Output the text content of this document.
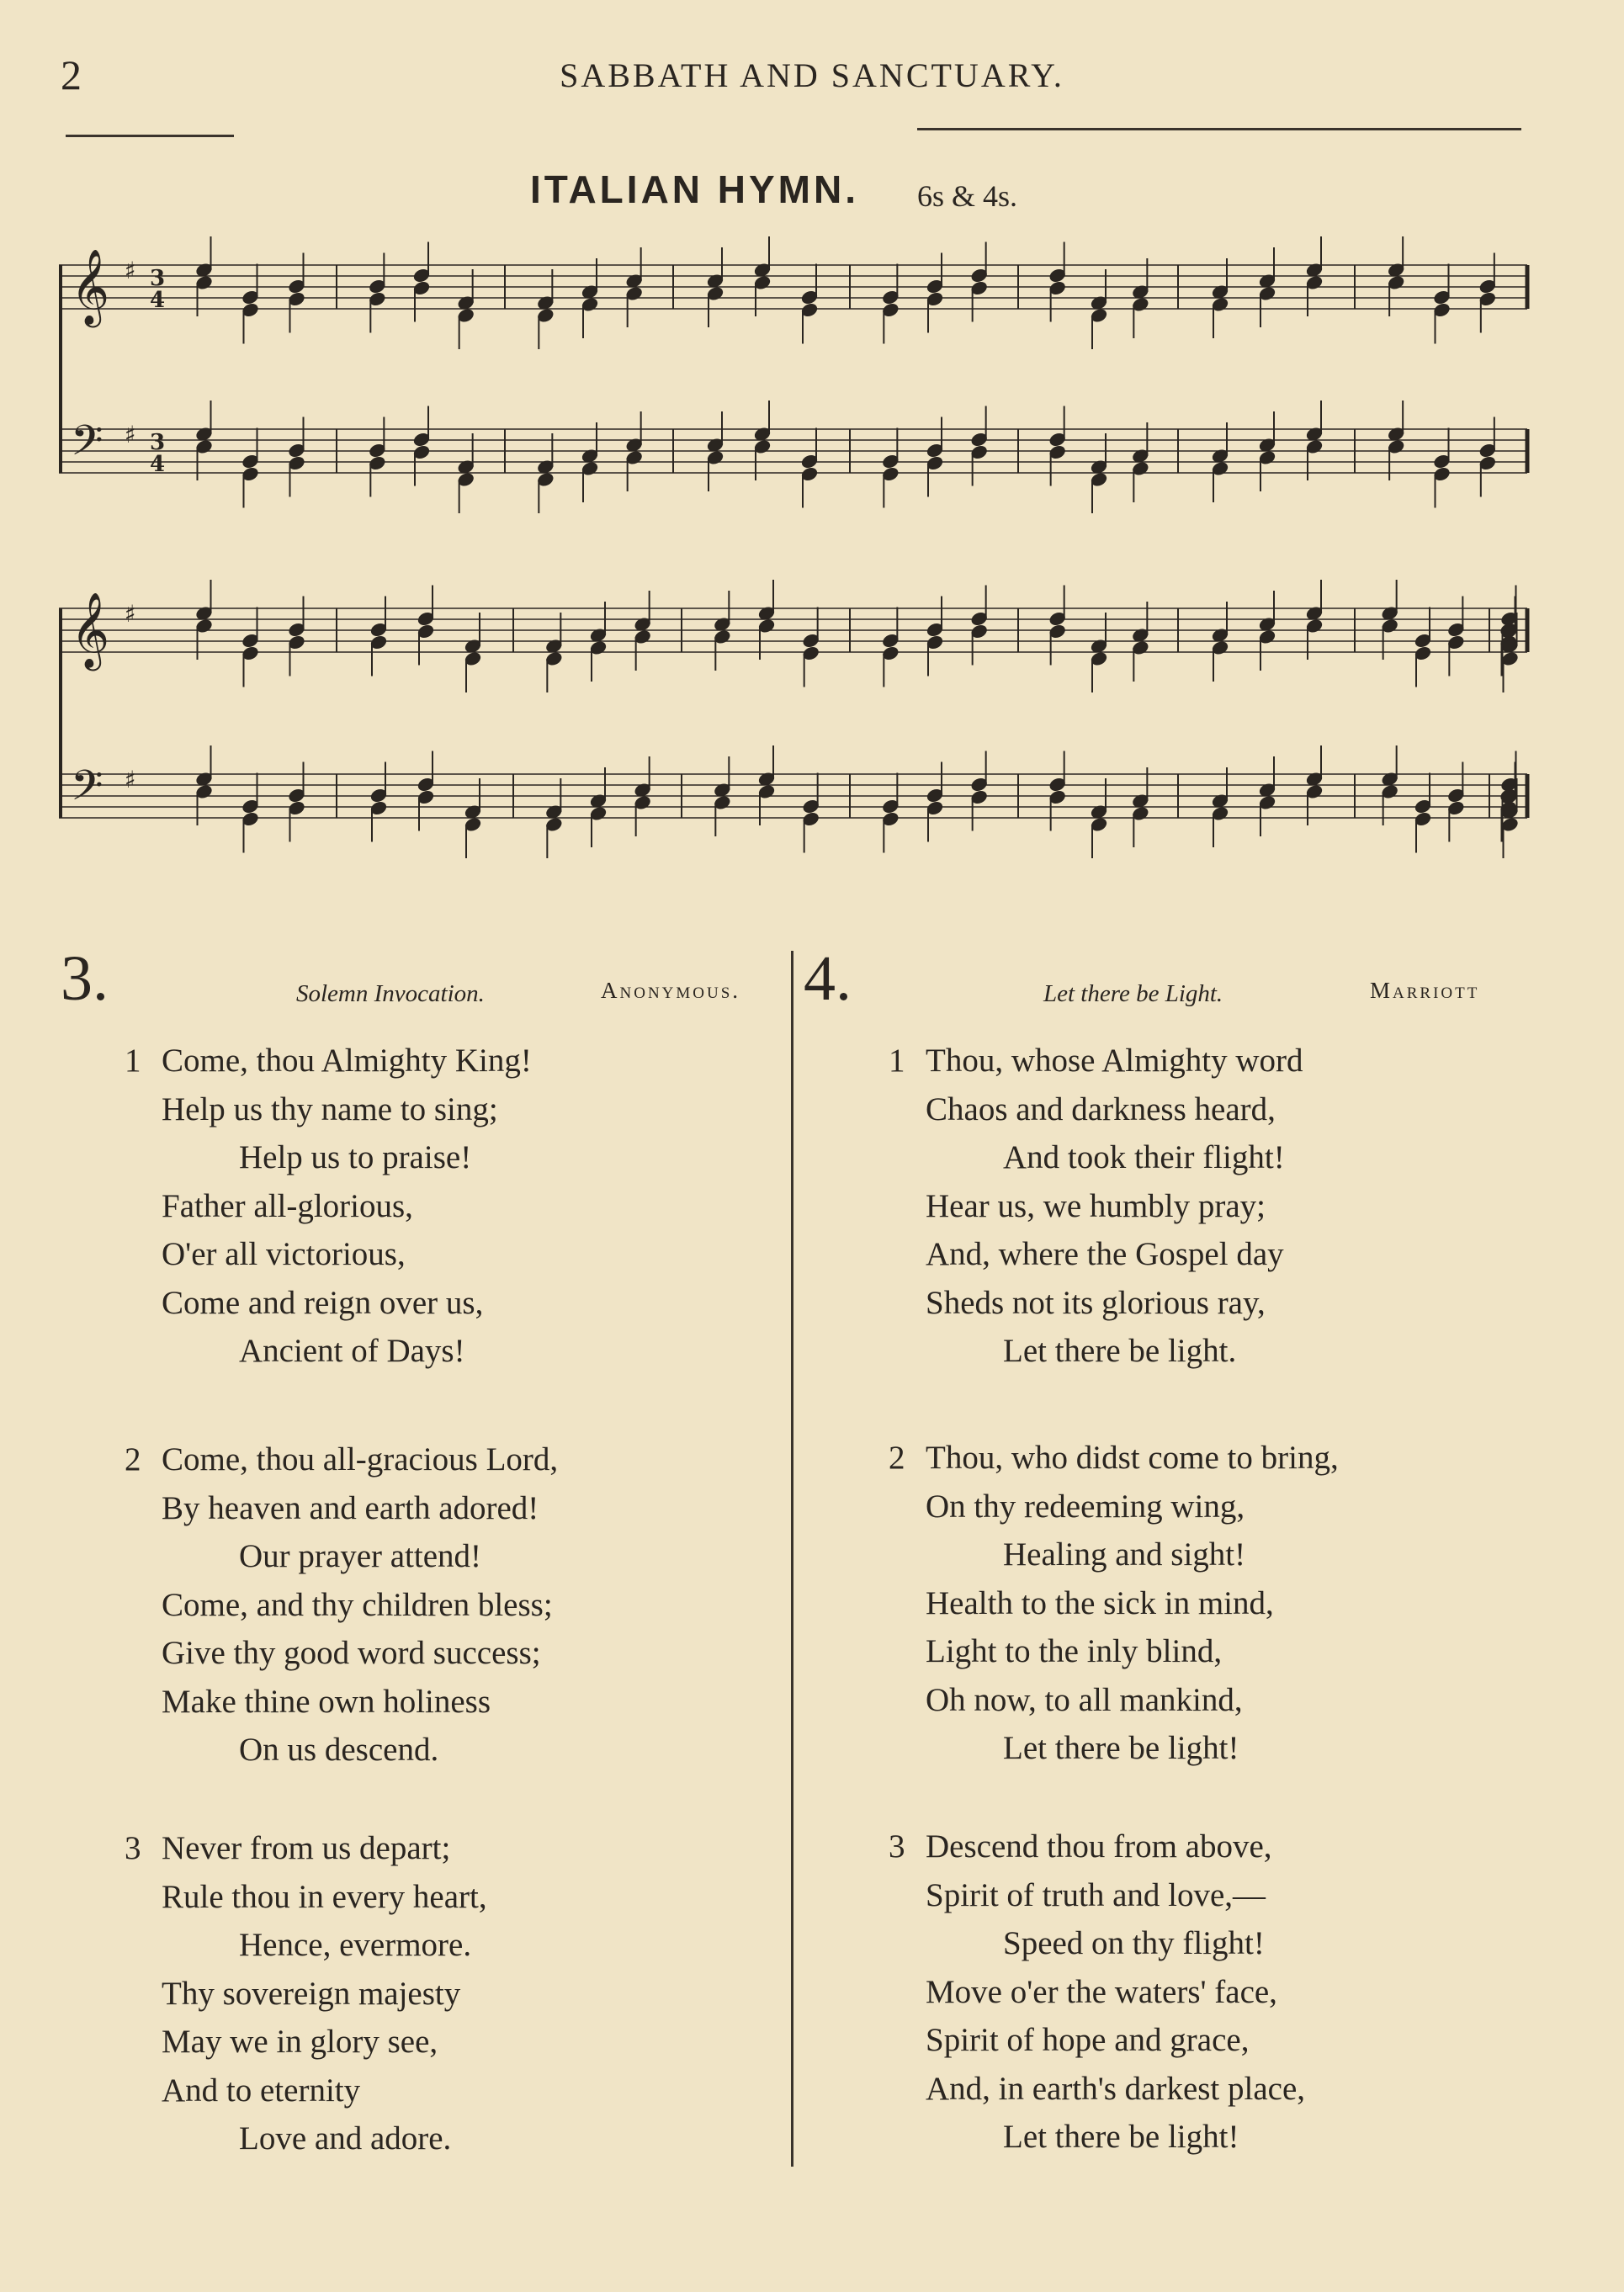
2	SABBATH AND SANCTUARY.
ITALIAN HYMN. 6s & 4s.
𝄞 ♯ 3
4
𝄢 ♯ 3
4
𝄞 ♯
𝄢 ♯
3.	Solemn Invocation.	Anonymous. 4.	Let there be Light.	Marriott
1 Come, thou Almighty King!
Help us thy name to sing;
Help us to praise!
Father all-glorious,
O'er all victorious,
Come and reign over us,
Ancient of Days!
2 Come, thou all-gracious Lord,
By heaven and earth adored!
Our prayer attend!
Come, and thy children bless;
Give thy good word success;
Make thine own holiness
On us descend.
3 Never from us depart;
Rule thou in every heart,
Hence, evermore.
Thy sovereign majesty
May we in glory see,
And to eternity
Love and adore.
1 Thou, whose Almighty word
Chaos and darkness heard,
And took their flight!
Hear us, we humbly pray;
And, where the Gospel day
Sheds not its glorious ray,
Let there be light.
2 Thou, who didst come to bring,
On thy redeeming wing,
Healing and sight!
Health to the sick in mind,
Light to the inly blind,
Oh now, to all mankind,
Let there be light!
3 Descend thou from above,
Spirit of truth and love,—
Speed on thy flight!
Move o'er the waters' face,
Spirit of hope and grace,
And, in earth's darkest place,
Let there be light!
